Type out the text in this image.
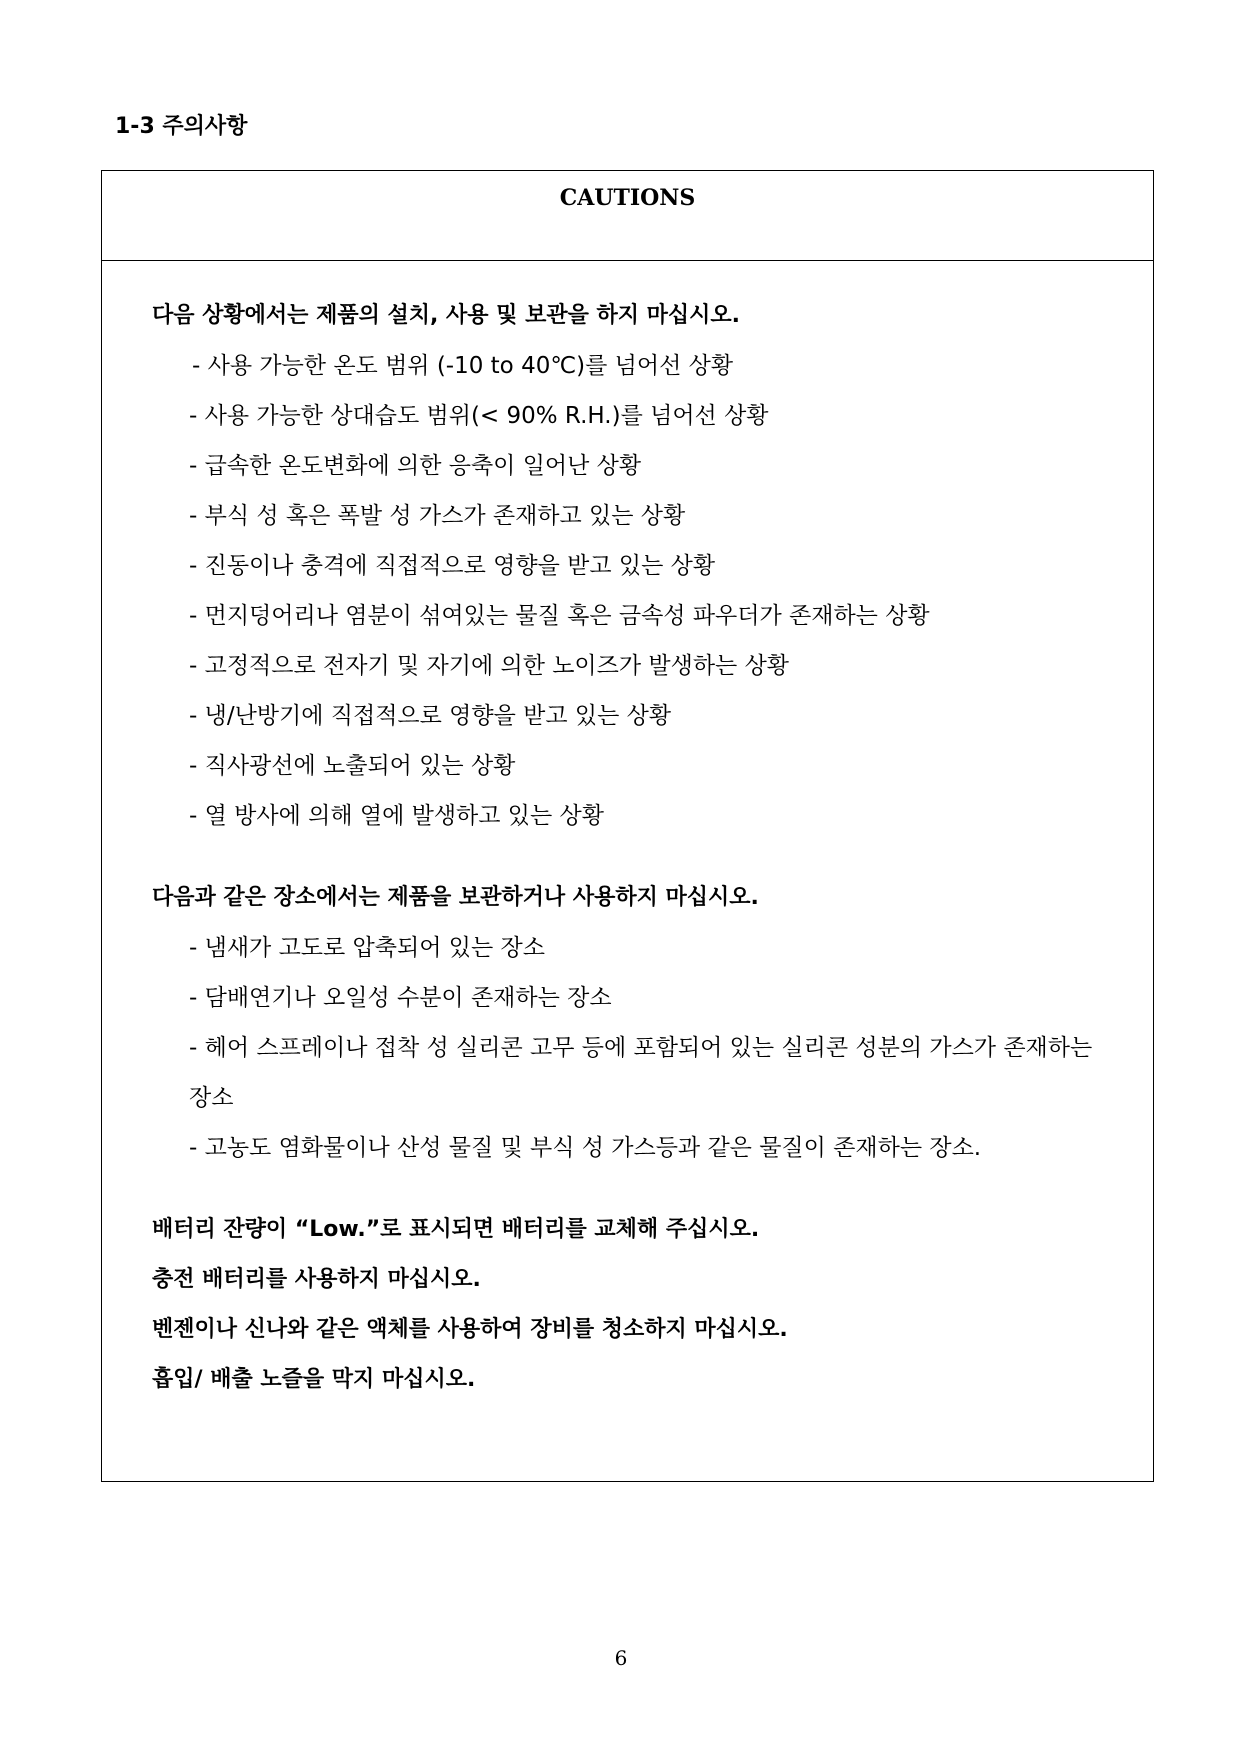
1-3 주의사항
CAUTIONS
다음 상황에서는 제품의 설치, 사용 및 보관을 하지 마십시오.
- 사용 가능한 온도 범위 (-10 to 40℃)를 넘어선 상황
- 사용 가능한 상대습도 범위(< 90% R.H.)를 넘어선 상황
- 급속한 온도변화에 의한 응축이 일어난 상황
- 부식 성 혹은 폭발 성 가스가 존재하고 있는 상황
- 진동이나 충격에 직접적으로 영향을 받고 있는 상황
- 먼지덩어리나 염분이 섞여있는 물질 혹은 금속성 파우더가 존재하는 상황
- 고정적으로 전자기 및 자기에 의한 노이즈가 발생하는 상황
- 냉/난방기에 직접적으로 영향을 받고 있는 상황
- 직사광선에 노출되어 있는 상황
- 열 방사에 의해 열에 발생하고 있는 상황
다음과 같은 장소에서는 제품을 보관하거나 사용하지 마십시오.
- 냄새가 고도로 압축되어 있는 장소
- 담배연기나 오일성 수분이 존재하는 장소
- 헤어 스프레이나 접착 성 실리콘 고무 등에 포함되어 있는 실리콘 성분의 가스가 존재하는 장소
- 고농도 염화물이나 산성 물질 및 부식 성 가스등과 같은 물질이 존재하는 장소.
배터리 잔량이 “Low.”로 표시되면 배터리를 교체해 주십시오.
충전 배터리를 사용하지 마십시오.
벤젠이나 신나와 같은 액체를 사용하여 장비를 청소하지 마십시오.
흡입/ 배출 노즐을 막지 마십시오.
6
